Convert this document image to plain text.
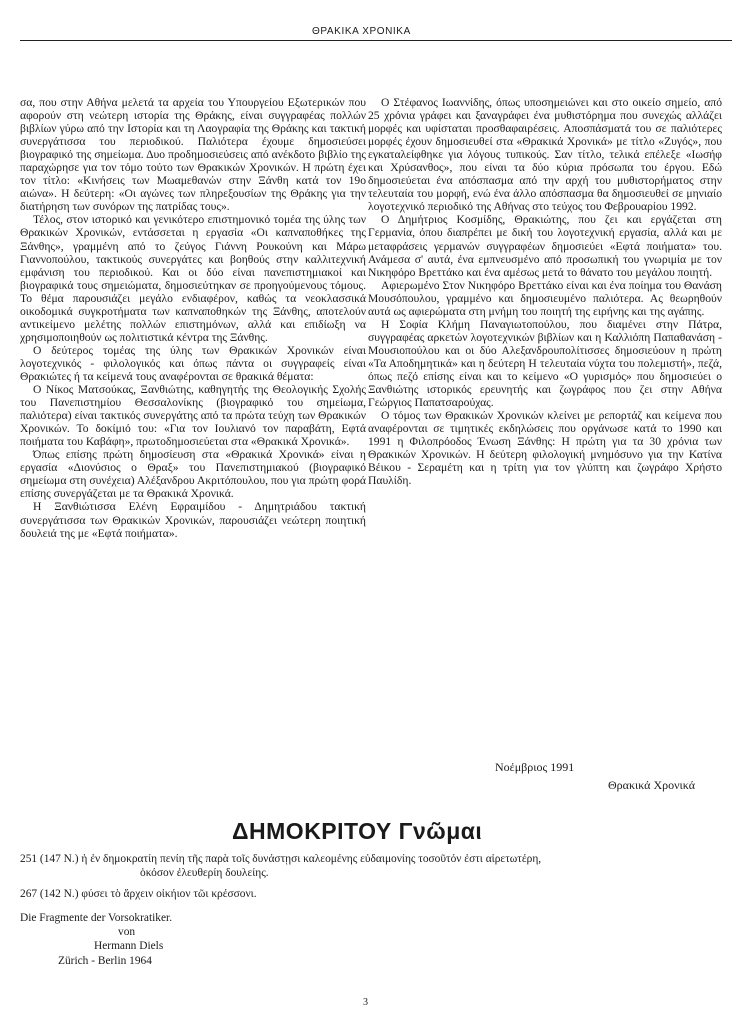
ΘΡΑΚΙΚΑ ΧΡΟΝΙΚΑ

σα, που στην Αθήνα μελετά τα αρχεία του Υπουργείου Εξωτερικών που αφορούν στη νεώτερη ιστορία της Θράκης, είναι συγγραφέας πολλών βιβλίων γύρω από την Ιστορία και τη Λαογραφία της Θράκης και τακτική συνεργάτισσα του περιοδικού. Παλιότερα έχουμε δημοσιεύσει βιογραφικό της σημείωμα. Δυο προδημοσιεύσεις από ανέκδοτο βιβλίο της παραχώρησε για τον τόμο τούτο των Θρακικών Χρονικών. Η πρώτη έχει τον τίτλο: «Κινήσεις των Μωαμεθανών στην Ξάνθη κατά τον 19ο αιώνα». Η δεύτερη: «Οι αγώνες των πληρεξουσίων της Θράκης για την διατήρηση των συνόρων της πατρίδας τους».

Τέλος, στον ιστορικό και γενικότερο επιστημονικό τομέα της ύλης των Θρακικών Χρονικών, εντάσσεται η εργασία «Οι καπναποθήκες της Ξάνθης», γραμμένη από το ζεύγος Γιάννη Ρουκούνη και Μάρω Γιαννοπούλου, τακτικούς συνεργάτες και βοηθούς στην καλλιτεχνική εμφάνιση του περιοδικού. Και οι δύο είναι πανεπιστημιακοί και βιογραφικά τους σημειώματα, δημοσιεύτηκαν σε προηγούμενους τόμους. Το θέμα παρουσιάζει μεγάλο ενδιαφέρον, καθώς τα νεοκλασσικά οικοδομικά συγκροτήματα των καπναποθηκών της Ξάνθης, αποτελούν αντικείμενο μελέτης πολλών επιστημόνων, αλλά και επιδίωξη να χρησιμοποιηθούν ως πολιτιστικά κέντρα της Ξάνθης.

Ο δεύτερος τομέας της ύλης των Θρακικών Χρονικών είναι λογοτεχνικός - φιλολογικός και όπως πάντα οι συγγραφείς είναι Θρακιώτες ή τα κείμενά τους αναφέρονται σε θρακικά θέματα:

Ο Νίκος Ματσούκας, Ξανθιώτης, καθηγητής της Θεολογικής Σχολής του Πανεπιστημίου Θεσσαλονίκης (βιογραφικό του σημείωμα, παλιότερα) είναι τακτικός συνεργάτης από τα πρώτα τεύχη των Θρακικών Χρονικών. Το δοκίμιό του: «Για τον Ιουλιανό τον παραβάτη, Εφτά ποιήματα του Καβάφη», πρωτοδημοσιεύεται στα «Θρακικά Χρονικά».

Όπως επίσης πρώτη δημοσίευση στα «Θρακικά Χρονικά» είναι η εργασία «Διονύσιος ο Θραξ» του Πανεπιστημιακού (βιογραφικό σημείωμα στη συνέχεια) Αλέξανδρου Ακριτόπουλου, που για πρώτη φορά επίσης συνεργάζεται με τα Θρακικά Χρονικά.

Η Ξανθιώτισσα Ελένη Εφραιμίδου - Δημητριάδου τακτική συνεργάτισσα των Θρακικών Χρονικών, παρουσιάζει νεώτερη ποιητική δουλειά της με «Εφτά ποιήματα».

Ο Στέφανος Ιωαννίδης, όπως υποσημειώνει και στο οικείο σημείο, από 25 χρόνια γράφει και ξαναγράφει ένα μυθιστόρημα που συνεχώς αλλάζει μορφές και υφίσταται προσθαφαιρέσεις. Αποσπάσματά του σε παλιότερες μορφές έχουν δημοσιευθεί στα «Θρακικά Χρονικά» με τίτλο «Ζυγός», που εγκαταλείφθηκε για λόγους τυπικούς. Σαν τίτλο, τελικά επέλεξε «Ιωσήφ και Χρύσανθος», που είναι τα δύο κύρια πρόσωπα του έργου. Εδώ δημοσιεύεται ένα απόσπασμα από την αρχή του μυθιστορήματος στην τελευταία του μορφή, ενώ ένα άλλο απόσπασμα θα δημοσιευθεί σε μηνιαίο λογοτεχνικό περιοδικό της Αθήνας στο τεύχος του Φεβρουαρίου 1992.

Ο Δημήτριος Κοσμίδης, Θρακιώτης, που ζει και εργάζεται στη Γερμανία, όπου διαπρέπει με δική του λογοτεχνική εργασία, αλλά και με μεταφράσεις γερμανών συγγραφέων δημοσιεύει «Εφτά ποιήματα» του. Ανάμεσα σ' αυτά, ένα εμπνευσμένο από προσωπική του γνωριμία με τον Νικηφόρο Βρεττάκο και ένα αμέσως μετά το θάνατο του μεγάλου ποιητή.

Αφιερωμένο Στον Νικηφόρο Βρεττάκο είναι και ένα ποίημα του Θανάση Μουσόπουλου, γραμμένο και δημοσιευμένο παλιότερα. Ας θεωρηθούν αυτά ως αφιερώματα στη μνήμη του ποιητή της ειρήνης και της αγάπης.

Η Σοφία Κλήμη Παναγιωτοπούλου, που διαμένει στην Πάτρα, συγγραφέας αρκετών λογοτεχνικών βιβλίων και η Καλλιόπη Παπαθανάση - Μουσιοπούλου και οι δύο Αλεξανδρουπολίτισσες δημοσιεύουν η πρώτη «Τα Αποδημητικά» και η δεύτερη Η τελευταία νύχτα του πολεμιστή», πεζά, όπως πεζό επίσης είναι και το κείμενο «Ο γυρισμός» που δημοσιεύει ο Ξανθιώτης ιστορικός ερευνητής και ζωγράφος που ζει στην Αθήνα Γεώργιος Παπατσαρούχας.

Ο τόμος των Θρακικών Χρονικών κλείνει με ρεπορτάζ και κείμενα που αναφέρονται σε τιμητικές εκδηλώσεις που οργάνωσε κατά το 1990 και 1991 η Φιλοπρόοδος Ένωση Ξάνθης: Η πρώτη για τα 30 χρόνια των Θρακικών Χρονικών. Η δεύτερη φιλολογική μνημόσυνο για την Κατίνα Βέικου - Σεραμέτη και η τρίτη για τον γλύπτη και ζωγράφο Χρήστο Παυλίδη.

Νοέμβριος 1991
Θρακικά Χρονικά
ΔΗΜΟΚΡΙΤΟΥ Γνῶμαι
251 (147 N.) ἡ ἐν δημοκρατίη πενίη τῆς παρὰ τοῖς δυνάστῃσι καλεομένης εὐδαιμονίης τοσοῦτόν ἐστι αἱρετωτέρη,
ὁκόσον ἐλευθερίη δουλείης.
267 (142 N.) φύσει τὸ ἄρχειν οἰκήιον τῶι κρέσσονι.
Die Fragmente der Vorsokratiker.
von
Hermann Diels
Zürich - Berlin 1964
3
